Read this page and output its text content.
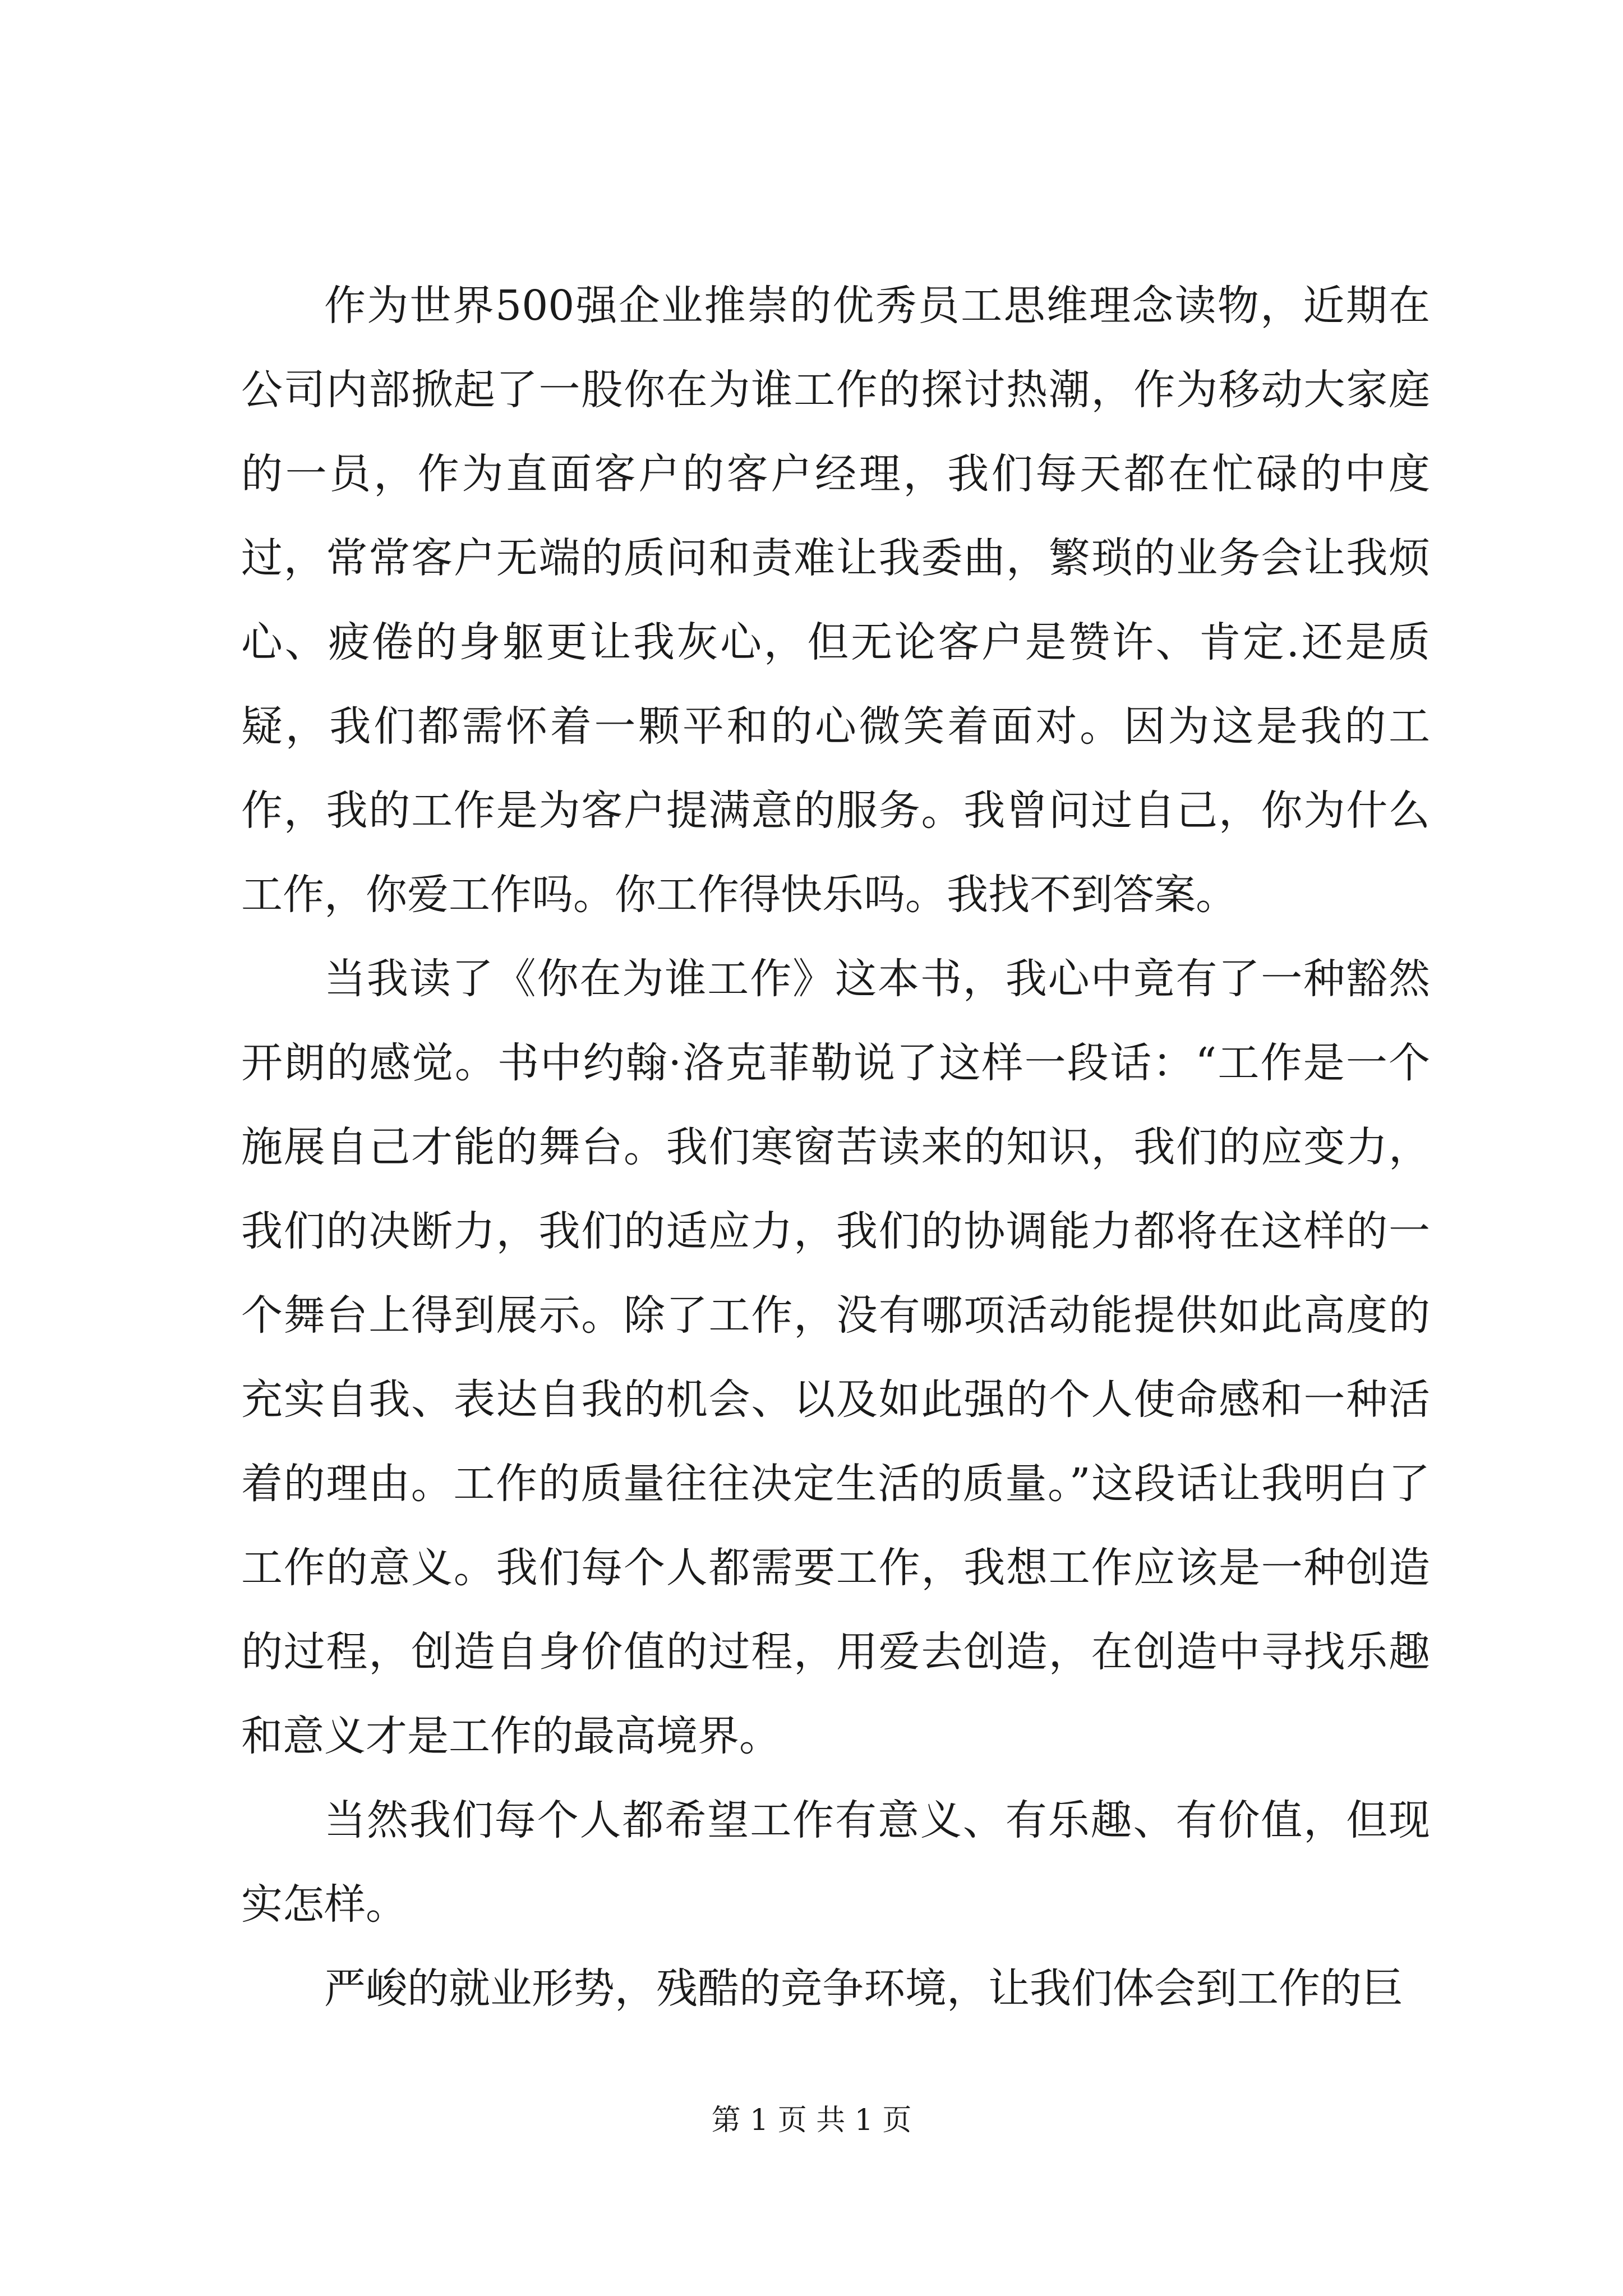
作为世界500强企业推崇的优秀员工思维理念读物，近期在公司内部掀起了一股你在为谁工作的探讨热潮，作为移动大家庭的一员，作为直面客户的客户经理，我们每天都在忙碌的中度过，常常客户无端的质问和责难让我委曲，繁琐的业务会让我烦心、疲倦的身躯更让我灰心，但无论客户是赞许、肯定.还是质疑，我们都需怀着一颗平和的心微笑着面对。因为这是我的工作，我的工作是为客户提满意的服务。我曾问过自己，你为什么工作，你爱工作吗。你工作得快乐吗。我找不到答案。

当我读了《你在为谁工作》这本书，我心中竟有了一种豁然开朗的感觉。书中约翰·洛克菲勒说了这样一段话：“工作是一个施展自己才能的舞台。我们寒窗苦读来的知识，我们的应变力，我们的决断力，我们的适应力，我们的协调能力都将在这样的一个舞台上得到展示。除了工作，没有哪项活动能提供如此高度的充实自我、表达自我的机会、以及如此强的个人使命感和一种活着的理由。工作的质量往往决定生活的质量。”这段话让我明白了工作的意义。我们每个人都需要工作，我想工作应该是一种创造的过程，创造自身价值的过程，用爱去创造，在创造中寻找乐趣和意义才是工作的最高境界。

当然我们每个人都希望工作有意义、有乐趣、有价值，但现实怎样。

严峻的就业形势，残酷的竞争环境，让我们体会到工作的巨

第 1 页 共 1 页
